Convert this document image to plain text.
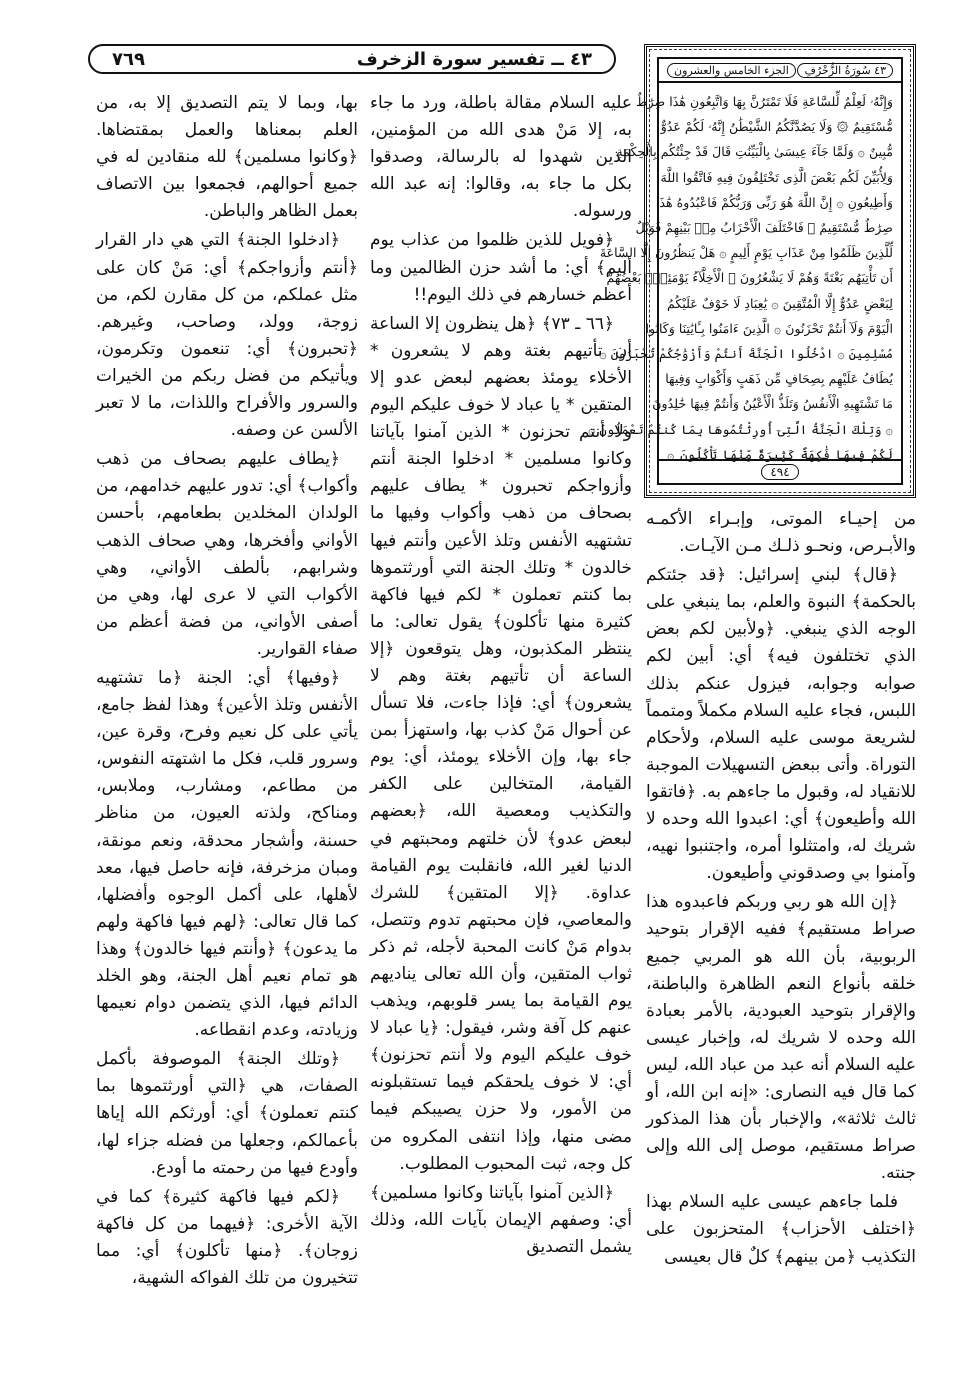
٤٣ ــ تفسير سورة الزخرف
٧٦٩
٤٣ سُورَةُ الزُّخْرُفِ
الجزء الخامس والعشرون
وَإِنَّهُۥ لَعِلْمٌ لِّلسَّاعَةِ فَلَا تَمْتَرُنَّ بِهَا وَاتَّبِعُونِ هَٰذَا صِرَٰطٌ
مُّسْتَقِيمٌ ۞ وَلَا يَصُدَّنَّكُمُ الشَّيْطَٰنُ إِنَّهُۥ لَكُمْ عَدُوٌّ
مُّبِينٌ ۞ وَلَمَّا جَآءَ عِيسَىٰ بِالْبَيِّنَٰتِ قَالَ قَدْ جِئْتُكُم بِالْحِكْمَةِ
وَلِأُبَيِّنَ لَكُم بَعْضَ الَّذِى تَخْتَلِفُونَ فِيهِ فَاتَّقُوا اللَّهَ
وَأَطِيعُونِ ۞ إِنَّ اللَّهَ هُوَ رَبِّى وَرَبُّكُمْ فَاعْبُدُوهُ هَٰذَا
صِرَٰطٌ مُّسْتَقِيمٌ ۞ فَاخْتَلَفَ الْأَحْزَابُ مِنۢ بَيْنِهِمْ فَوَيْلٌ
لِّلَّذِينَ ظَلَمُوا مِنْ عَذَابِ يَوْمٍ أَلِيمٍ ۞ هَلْ يَنظُرُونَ إِلَّا السَّاعَةَ
أَن تَأْتِيَهُم بَغْتَةً وَهُمْ لَا يَشْعُرُونَ ۞ الْأَخِلَّآءُ يَوْمَئِذٍۭ بَعْضُهُمْ
لِبَعْضٍ عَدُوٌّ إِلَّا الْمُتَّقِينَ ۞ يَٰعِبَادِ لَا خَوْفٌ عَلَيْكُمُ
الْيَوْمَ وَلَآ أَنتُمْ تَحْزَنُونَ ۞ الَّذِينَ ءَامَنُوا بِـَٔايَٰتِنَا وَكَانُوا
مُسْلِمِينَ ۞ ادْخُلُوا الْجَنَّةَ أَنتُمْ وَأَزْوَٰجُكُمْ تُحْبَرُونَ ۞
يُطَافُ عَلَيْهِم بِصِحَافٍ مِّن ذَهَبٍ وَأَكْوَابٍ وَفِيهَا
مَا تَشْتَهِيهِ الْأَنفُسُ وَتَلَذُّ الْأَعْيُنُ وَأَنتُمْ فِيهَا خَٰلِدُونَ
۞ وَتِلْكَ الْجَنَّةُ الَّتِىٓ أُورِثْتُمُوهَا بِمَا كُنتُمْ تَعْمَلُونَ ۞
لَكُمْ فِيهَا فَٰكِهَةٌ كَثِيرَةٌ مِّنْهَا تَأْكُلُونَ ۞
٤٩٤

من إحيـاء الموتى، وإبـراء الأكمـه والأبـرص، ونحـو ذلـك مـن الآيـات.

﴿قال﴾ لبني إسرائيل: ﴿قد جئتكم بالحكمة﴾ النبوة والعلم، بما ينبغي على الوجه الذي ينبغي. ﴿ولأبين لكم بعض الذي تختلفون فيه﴾ أي: أبين لكم صوابه وجوابه، فيزول عنكم بذلك اللبس، فجاء عليه السلام مكملاً ومتمماً لشريعة موسى عليه السلام، ولأحكام التوراة. وأتى ببعض التسهيلات الموجبة للانقياد له، وقبول ما جاءهم به. ﴿فاتقوا الله وأطيعون﴾ أي: اعبدوا الله وحده لا شريك له، وامتثلوا أمره، واجتنبوا نهيه، وآمنوا بي وصدقوني وأطيعون.

﴿إن الله هو ربي وربكم فاعبدوه هذا صراط مستقيم﴾ ففيه الإقرار بتوحيد الربوبية، بأن الله هو المربي جميع خلقه بأنواع النعم الظاهرة والباطنة، والإقرار بتوحيد العبودية، بالأمر بعبادة الله وحده لا شريك له، وإخبار عيسى عليه السلام أنه عبد من عباد الله، ليس كما قال فيه النصارى: «إنه ابن الله، أو ثالث ثلاثة»، والإخبار بأن هذا المذكور صراط مستقيم، موصل إلى الله وإلى جنته.

فلما جاءهم عيسى عليه السلام بهذا ﴿اختلف الأحزاب﴾ المتحزبون على التكذيب ﴿من بينهم﴾ كلٌ قال بعيسى

عليه السلام مقالة باطلة، ورد ما جاء به، إلا مَنْ هدى الله من المؤمنين، الذين شهدوا له بالرسالة، وصدقوا بكل ما جاء به، وقالوا: إنه عبد الله ورسوله.

﴿فويل للذين ظلموا من عذاب يوم أليم﴾ أي: ما أشد حزن الظالمين وما أعظم خسارهم في ذلك اليوم!!

﴿٦٦ ـ ٧٣﴾ ﴿هل ينظرون إلا الساعة أن تأتيهم بغتة وهم لا يشعرون * الأخلاء يومئذ بعضهم لبعض عدو إلا المتقين * يا عباد لا خوف عليكم اليوم ولا أنتم تحزنون * الذين آمنوا بآياتنا وكانوا مسلمين * ادخلوا الجنة أنتم وأزواجكم تحبرون * يطاف عليهم بصحاف من ذهب وأكواب وفيها ما تشتهيه الأنفس وتلذ الأعين وأنتم فيها خالدون * وتلك الجنة التي أورثتموها بما كنتم تعملون * لكم فيها فاكهة كثيرة منها تأكلون﴾ يقول تعالى: ما ينتظر المكذبون، وهل يتوقعون ﴿إلا الساعة أن تأتيهم بغتة وهم لا يشعرون﴾ أي: فإذا جاءت، فلا تسأل عن أحوال مَنْ كذب بها، واستهزأ بمن جاء بها، وإن الأخلاء يومئذ، أي: يوم القيامة، المتخالين على الكفر والتكذيب ومعصية الله، ﴿بعضهم لبعض عدو﴾ لأن خلتهم ومحبتهم في الدنيا لغير الله، فانقلبت يوم القيامة عداوة. ﴿إلا المتقين﴾ للشرك والمعاصي، فإن محبتهم تدوم وتتصل، بدوام مَنْ كانت المحبة لأجله، ثم ذكر ثواب المتقين، وأن الله تعالى يناديهم يوم القيامة بما يسر قلوبهم، ويذهب عنهم كل آفة وشر، فيقول: ﴿يا عباد لا خوف عليكم اليوم ولا أنتم تحزنون﴾ أي: لا خوف يلحقكم فيما تستقبلونه من الأمور، ولا حزن يصيبكم فيما مضى منها، وإذا انتفى المكروه من كل وجه، ثبت المحبوب المطلوب.

﴿الذين آمنوا بآياتنا وكانوا مسلمين﴾ أي: وصفهم الإيمان بآيات الله، وذلك يشمل التصديق

بها، وبما لا يتم التصديق إلا به، من العلم بمعناها والعمل بمقتضاها. ﴿وكانوا مسلمين﴾ لله منقادين له في جميع أحوالهم، فجمعوا بين الاتصاف بعمل الظاهر والباطن.

﴿ادخلوا الجنة﴾ التي هي دار القرار ﴿أنتم وأزواجكم﴾ أي: مَنْ كان على مثل عملكم، من كل مقارن لكم، من زوجة، وولد، وصاحب، وغيرهم. ﴿تحبرون﴾ أي: تنعمون وتكرمون، ويأتيكم من فضل ربكم من الخيرات والسرور والأفراح واللذات، ما لا تعبر الألسن عن وصفه.

﴿يطاف عليهم بصحاف من ذهب وأكواب﴾ أي: تدور عليهم خدامهم، من الولدان المخلدين بطعامهم، بأحسن الأواني وأفخرها، وهي صحاف الذهب وشرابهم، بألطف الأواني، وهي الأكواب التي لا عرى لها، وهي من أصفى الأواني، من فضة أعظم من صفاء القوارير.

﴿وفيها﴾ أي: الجنة ﴿ما تشتهيه الأنفس وتلذ الأعين﴾ وهذا لفظ جامع، يأتي على كل نعيم وفرح، وقرة عين، وسرور قلب، فكل ما اشتهته النفوس، من مطاعم، ومشارب، وملابس، ومناكح، ولذته العيون، من مناظر حسنة، وأشجار محدقة، ونعم مونقة، ومبان مزخرفة، فإنه حاصل فيها، معد لأهلها، على أكمل الوجوه وأفضلها، كما قال تعالى: ﴿لهم فيها فاكهة ولهم ما يدعون﴾ ﴿وأنتم فيها خالدون﴾ وهذا هو تمام نعيم أهل الجنة، وهو الخلد الدائم فيها، الذي يتضمن دوام نعيمها وزيادته، وعدم انقطاعه.

﴿وتلك الجنة﴾ الموصوفة بأكمل الصفات، هي ﴿التي أورثتموها بما كنتم تعملون﴾ أي: أورثكم الله إياها بأعمالكم، وجعلها من فضله جزاء لها، وأودع فيها من رحمته ما أودع.

﴿لكم فيها فاكهة كثيرة﴾ كما في الآية الأخرى: ﴿فيهما من كل فاكهة زوجان﴾. ﴿منها تأكلون﴾ أي: مما تتخيرون من تلك الفواكه الشهية،
